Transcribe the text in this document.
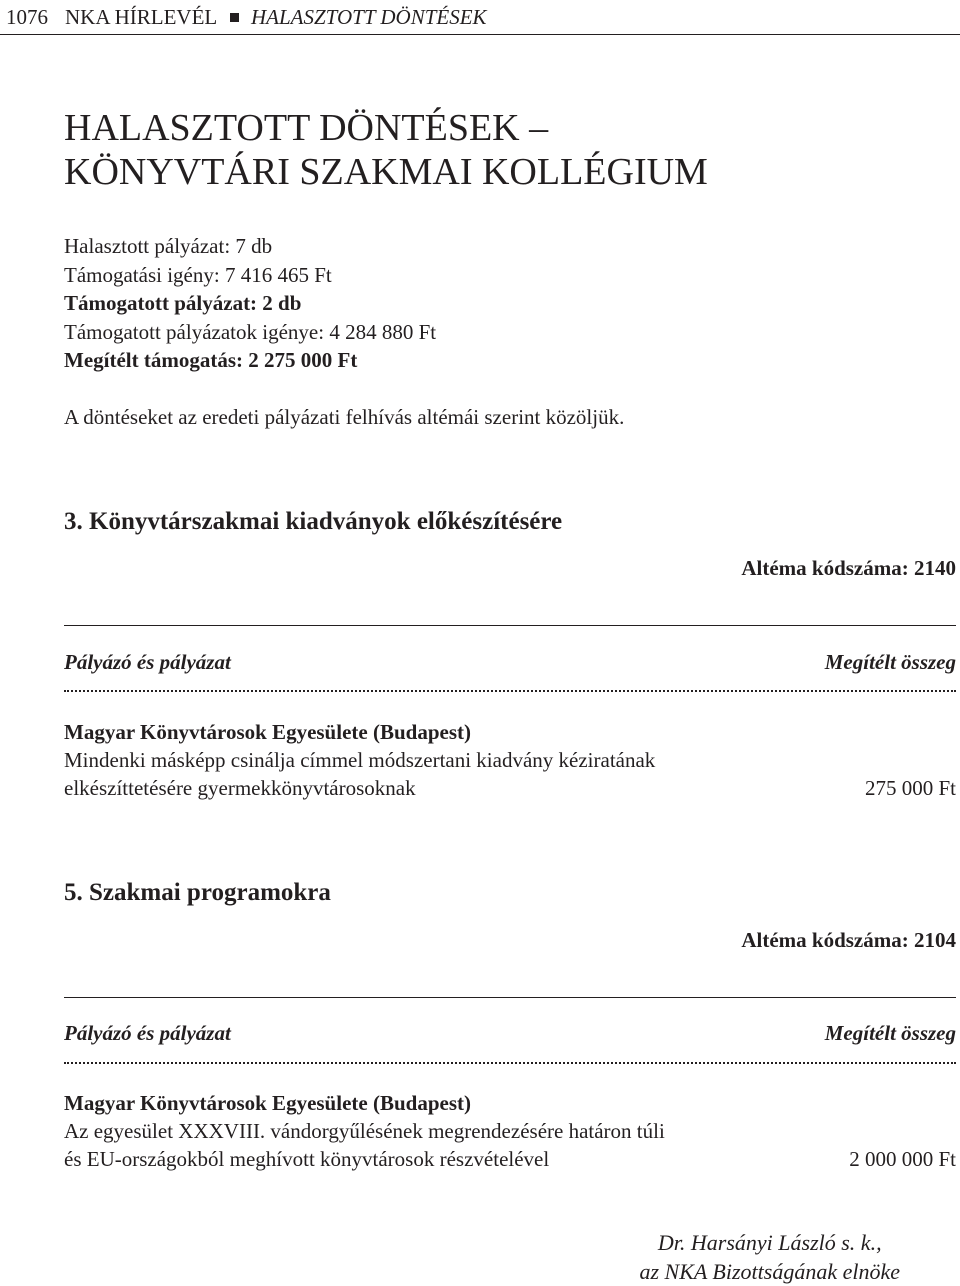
1076 NKA HÍRLEVÉL HALASZTOTT DÖNTÉSEK
HALASZTOTT DÖNTÉSEK –
KÖNYVTÁRI SZAKMAI KOLLÉGIUM
Halasztott pályázat: 7 db
Támogatási igény: 7 416 465 Ft
Támogatott pályázat: 2 db
Támogatott pályázatok igénye: 4 284 880 Ft
Megítélt támogatás: 2 275 000 Ft
A döntéseket az eredeti pályázati felhívás altémái szerint közöljük.
3. Könyvtárszakmai kiadványok előkészítésére
Altéma kódszáma: 2140
Pályázó és pályázat	Megítélt összeg
Magyar Könyvtárosok Egyesülete (Budapest)
Mindenki másképp csinálja címmel módszertani kiadvány kéziratának
elkészíttetésére gyermekkönyvtárosoknak	275 000 Ft
5. Szakmai programokra
Altéma kódszáma: 2104
Pályázó és pályázat	Megítélt összeg
Magyar Könyvtárosok Egyesülete (Budapest)
Az egyesület XXXVIII. vándorgyűlésének megrendezésére határon túli
és EU-országokból meghívott könyvtárosok részvételével	2 000 000 Ft
Dr. Harsányi László s. k.,
az NKA Bizottságának elnöke
